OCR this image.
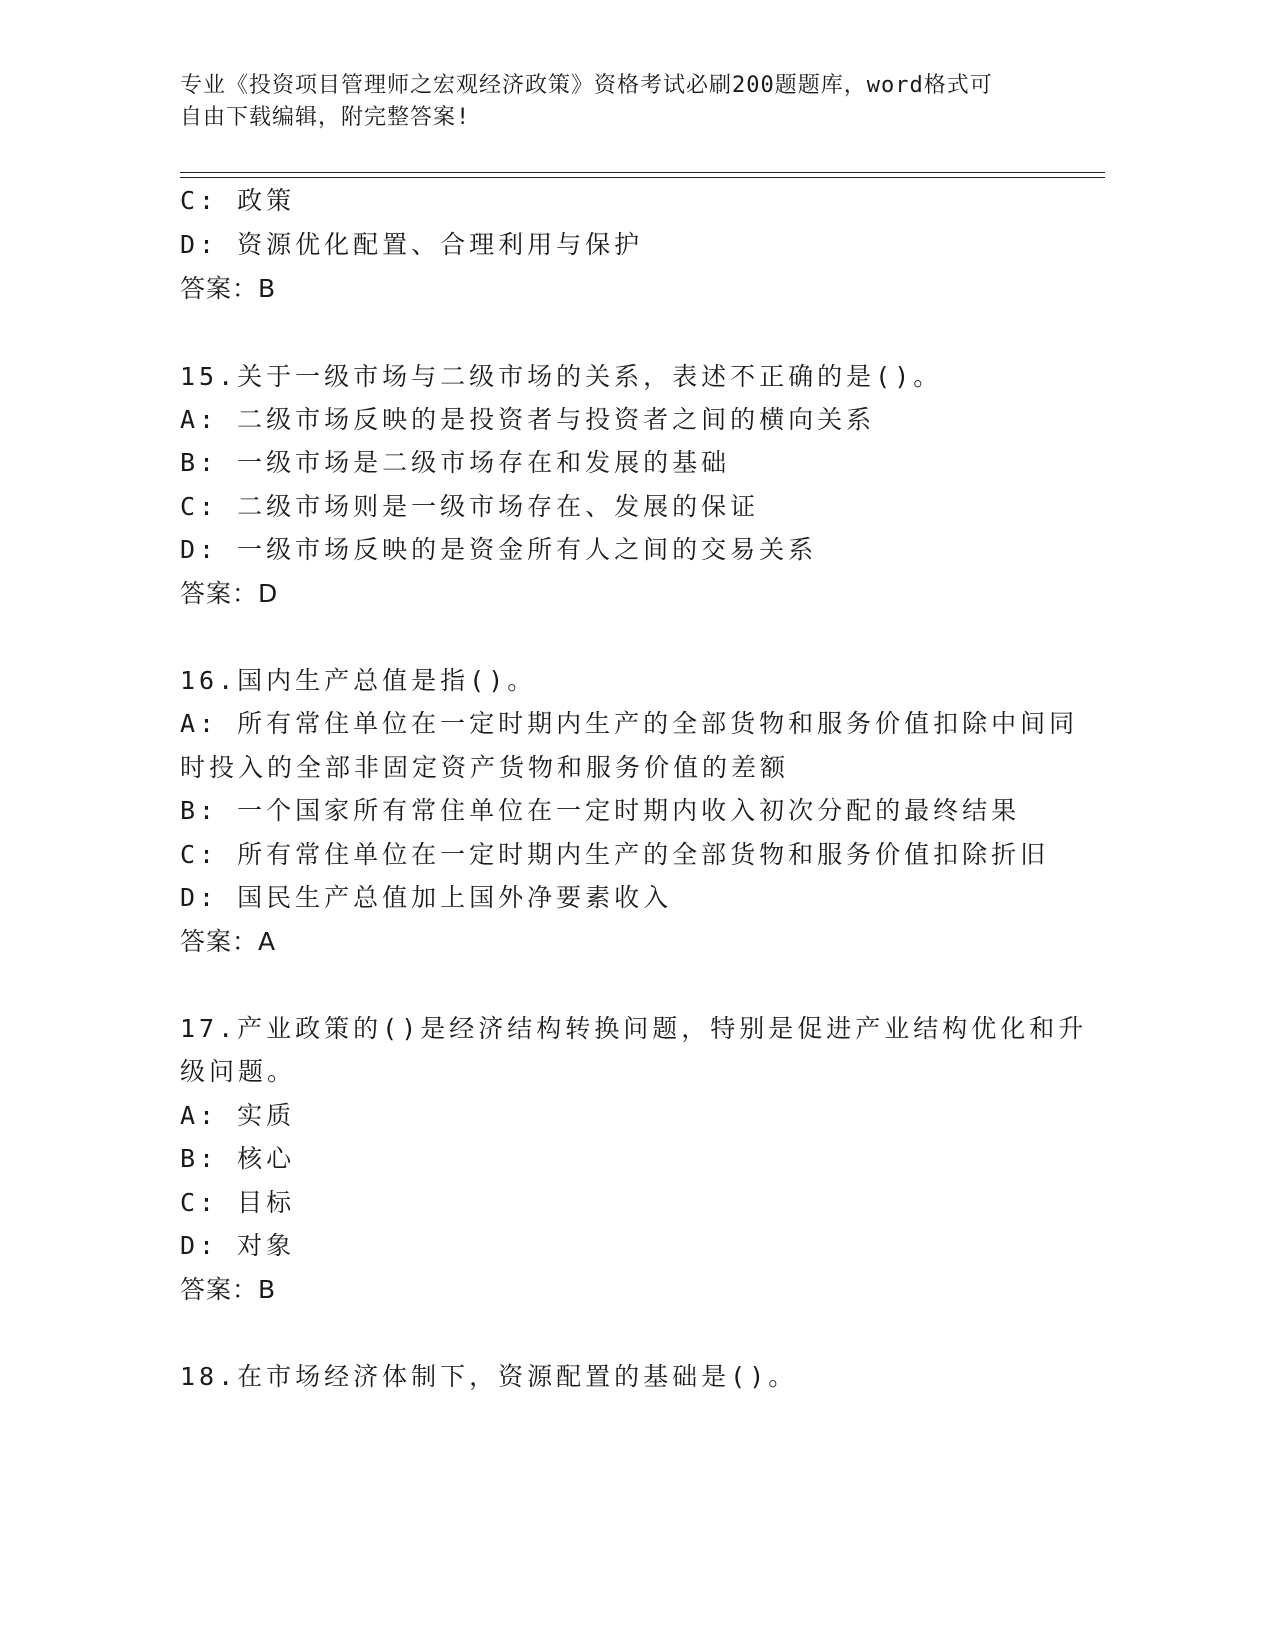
专业《投资项目管理师之宏观经济政策》资格考试必刷200题题库，word格式可
自由下载编辑，附完整答案!
C: 政策
D: 资源优化配置、合理利用与保护
答案：B
15.关于一级市场与二级市场的关系，表述不正确的是()。
A: 二级市场反映的是投资者与投资者之间的横向关系
B: 一级市场是二级市场存在和发展的基础
C: 二级市场则是一级市场存在、发展的保证
D: 一级市场反映的是资金所有人之间的交易关系
答案：D
16.国内生产总值是指()。
A: 所有常住单位在一定时期内生产的全部货物和服务价值扣除中间同
时投入的全部非固定资产货物和服务价值的差额
B: 一个国家所有常住单位在一定时期内收入初次分配的最终结果
C: 所有常住单位在一定时期内生产的全部货物和服务价值扣除折旧
D: 国民生产总值加上国外净要素收入
答案：A
17.产业政策的()是经济结构转换问题，特别是促进产业结构优化和升
级问题。
A: 实质
B: 核心
C: 目标
D: 对象
答案：B
18.在市场经济体制下，资源配置的基础是()。
